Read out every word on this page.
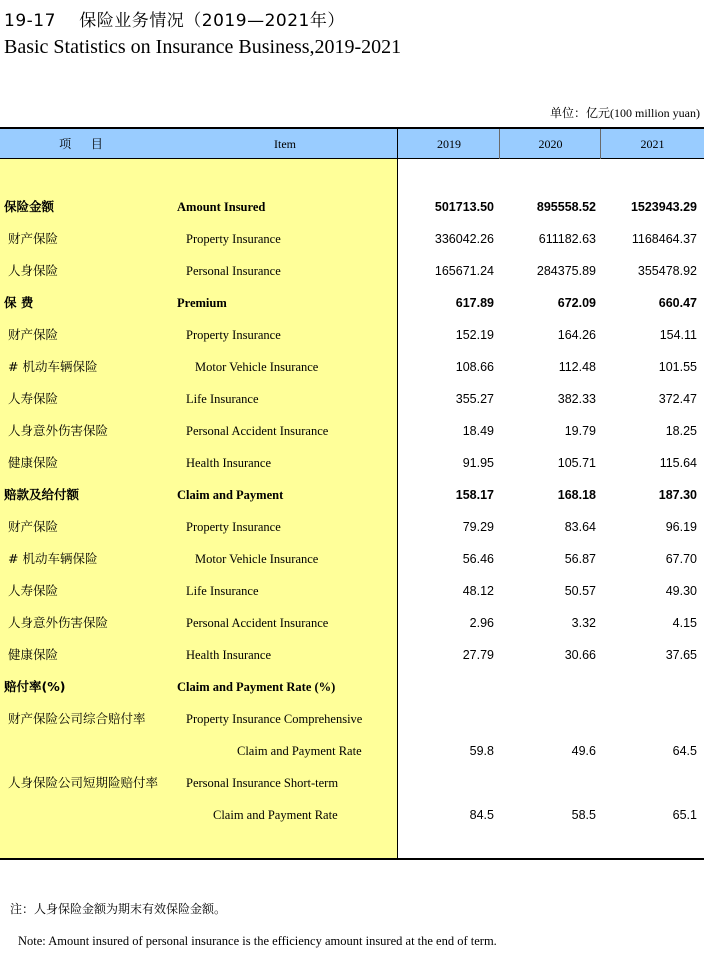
19-17 　保险业务情况（2019—2021年）
Basic Statistics on Insurance Business,2019-2021
单位：亿元(100 million yuan)
项 目	Item	2019	2020	2021
保险金额	Amount Insured	501713.50	895558.52	1523943.29
财产保险	Property Insurance	336042.26	611182.63	1168464.37
人身保险	Personal Insurance	165671.24	284375.89	355478.92
保 费	Premium	617.89	672.09	660.47
财产保险	Property Insurance	152.19	164.26	154.11
# 机动车辆保险	Motor Vehicle Insurance	108.66	112.48	101.55
人寿保险	Life Insurance	355.27	382.33	372.47
人身意外伤害保险	Personal Accident Insurance	18.49	19.79	18.25
健康保险	Health Insurance	91.95	105.71	115.64
赔款及给付额	Claim and Payment	158.17	168.18	187.30
财产保险	Property Insurance	79.29	83.64	96.19
# 机动车辆保险	Motor Vehicle Insurance	56.46	56.87	67.70
人寿保险	Life Insurance	48.12	50.57	49.30
人身意外伤害保险	Personal Accident Insurance	2.96	3.32	4.15
健康保险	Health Insurance	27.79	30.66	37.65
赔付率(%)	Claim and Payment Rate (%)
财产保险公司综合赔付率	Property Insurance Comprehensive
Claim and Payment Rate	59.8	49.6	64.5
人身保险公司短期险赔付率 Personal Insurance Short-term
Claim and Payment Rate	84.5	58.5	65.1
注：人身保险金额为期末有效保险金额。
Note: Amount insured of personal insurance is the efficiency amount insured at the end of term.
